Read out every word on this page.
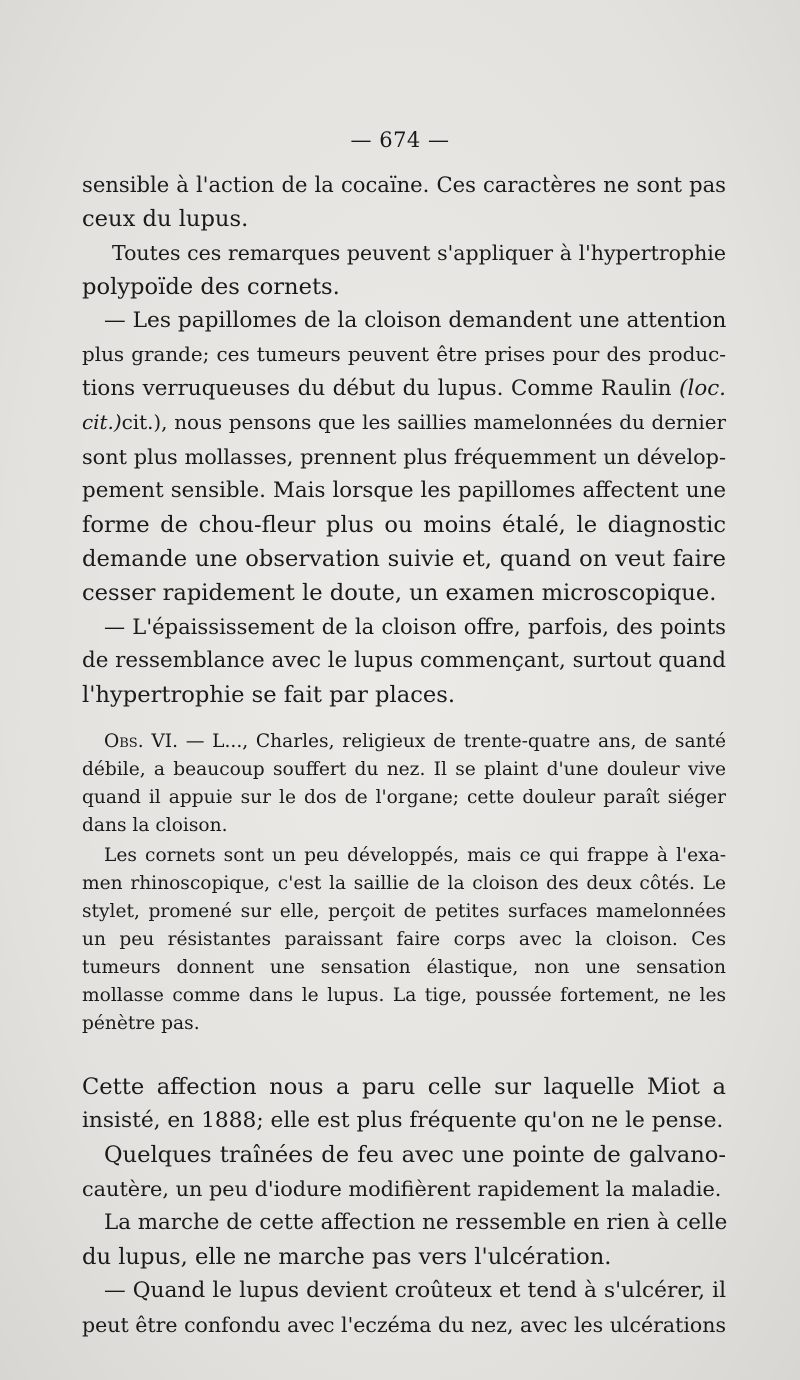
— 674 —
sensible à l'action de la cocaïne. Ces caractères ne sont pas
ceux du lupus.
Toutes ces remarques peuvent s'appliquer à l'hypertrophie
polypoïde des cornets.
— Les papillomes de la cloison demandent une attention
plus grande; ces tumeurs peuvent être prises pour des produc-
tions verruqueuses du début du lupus. Comme Raulin (loc.
cit.)cit.), nous pensons que les saillies mamelonnées du dernier
sont plus mollasses, prennent plus fréquemment un dévelop-
pement sensible. Mais lorsque les papillomes affectent une
forme de chou-fleur plus ou moins étalé, le diagnostic
demande une observation suivie et, quand on veut faire
cesser rapidement le doute, un examen microscopique.
— L'épaississement de la cloison offre, parfois, des points
de ressemblance avec le lupus commençant, surtout quand
l'hypertrophie se fait par places.
Obs. VI. — L..., Charles, religieux de trente-quatre ans, de santé
débile, a beaucoup souffert du nez. Il se plaint d'une douleur vive
quand il appuie sur le dos de l'organe; cette douleur paraît siéger
dans la cloison.
Les cornets sont un peu développés, mais ce qui frappe à l'exa-
men rhinoscopique, c'est la saillie de la cloison des deux côtés. Le
stylet, promené sur elle, perçoit de petites surfaces mamelonnées
un peu résistantes paraissant faire corps avec la cloison. Ces
tumeurs donnent une sensation élastique, non une sensation
mollasse comme dans le lupus. La tige, poussée fortement, ne les
pénètre pas.
Cette affection nous a paru celle sur laquelle Miot a
insisté, en 1888; elle est plus fréquente qu'on ne le pense.
Quelques traînées de feu avec une pointe de galvano-
cautère, un peu d'iodure modifièrent rapidement la maladie.
La marche de cette affection ne ressemble en rien à celle
du lupus, elle ne marche pas vers l'ulcération.
— Quand le lupus devient croûteux et tend à s'ulcérer, il
peut être confondu avec l'eczéma du nez, avec les ulcérations
